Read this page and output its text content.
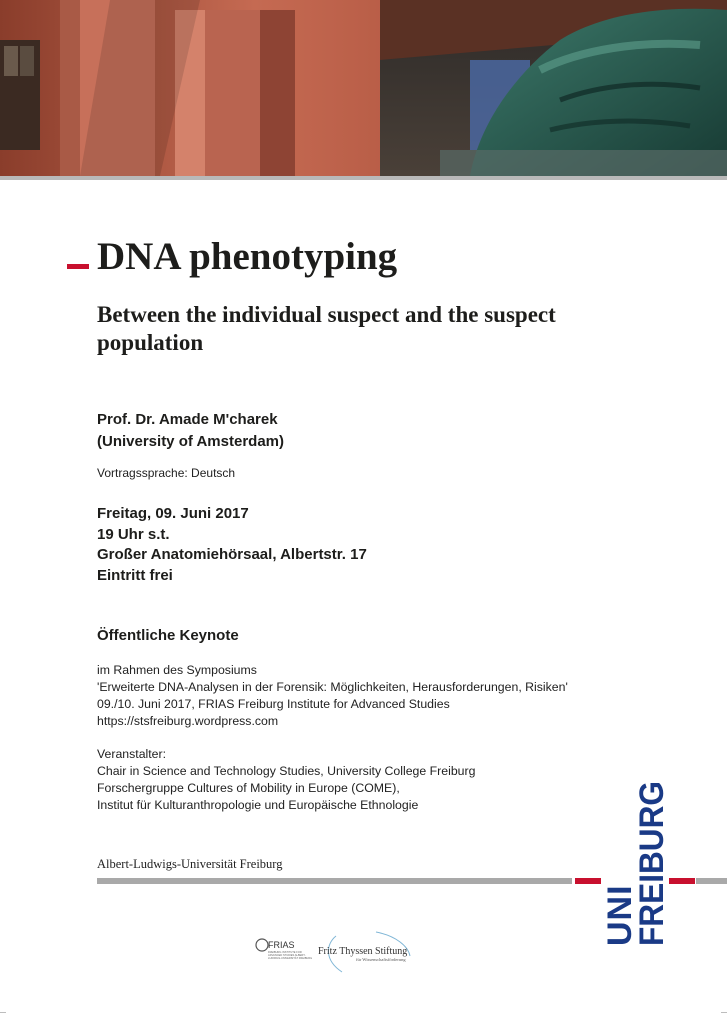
DNA phenotyping
Between the individual suspect and the suspect population
Prof. Dr. Amade M'charek
(University of Amsterdam)
Vortragssprache: Deutsch
Freitag, 09. Juni 2017
19 Uhr s.t.
Großer Anatomiehörsaal, Albertstr. 17
Eintritt frei
Öffentliche Keynote
im Rahmen des Symposiums
'Erweiterte DNA-Analysen in der Forensik: Möglichkeiten, Herausforderungen, Risiken'
09./10. Juni 2017, FRIAS Freiburg Institute for Advanced Studies
https://stsfreiburg.wordpress.com
Veranstalter:
Chair in Science and Technology Studies, University College Freiburg
Forschergruppe Cultures of Mobility in Europe (COME),
Institut für Kulturanthropologie und Europäische Ethnologie
Albert-Ludwigs-Universität Freiburg
UNI
FREIBURG
FRIAS
FREIBURG INSTITUTE FOR ADVANCED STUDIES ALBERT-LUDWIGS-UNIVERSITÄT FREIBURG
Fritz Thyssen Stiftung
für Wissenschaftsförderung
